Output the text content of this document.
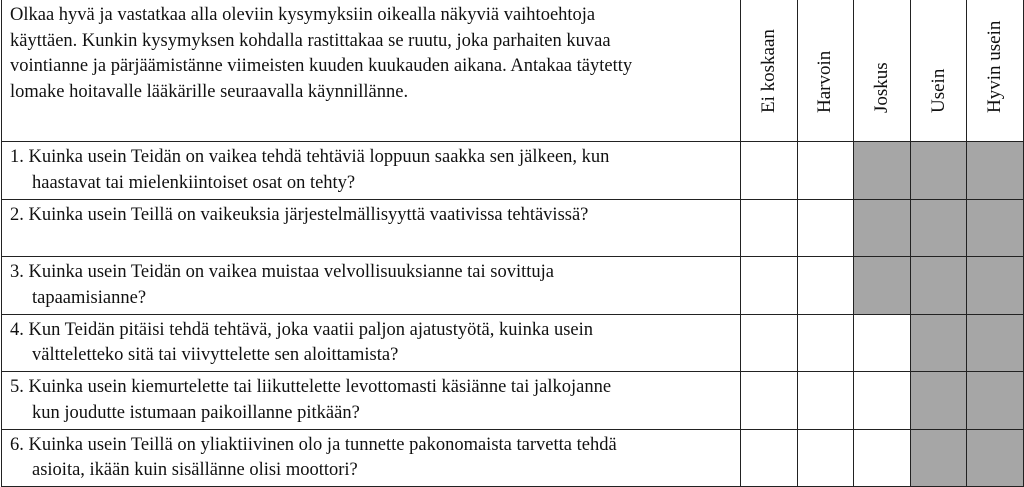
Olkaa hyvä ja vastatkaa alla oleviin kysymyksiin oikealla näkyviä vaihtoehtoja
käyttäen. Kunkin kysymyksen kohdalla rastittakaa se ruutu, joka parhaiten kuvaa
vointianne ja pärjäämistänne viimeisten kuuden kuukauden aikana. Antakaa täytetty
lomake hoitavalle lääkärille seuraavalla käynnillänne.	Ei koskaan	Harvoin	Joskus	Usein	Hyvin usein

1. Kuinka usein Teidän on vaikea tehdä tehtäviä loppuun saakka sen jälkeen, kun
haastavat tai mielenkiintoiset osat on tehty?					

2. Kuinka usein Teillä on vaikeuksia järjestelmällisyyttä vaativissa tehtävissä?					

3. Kuinka usein Teidän on vaikea muistaa velvollisuuksianne tai sovittuja
tapaamisianne?					

4. Kun Teidän pitäisi tehdä tehtävä, joka vaatii paljon ajatustyötä, kuinka usein
vältteletteko sitä tai viivyttelette sen aloittamista?					

5. Kuinka usein kiemurtelette tai liikuttelette levottomasti käsiänne tai jalkojanne
kun joudutte istumaan paikoillanne pitkään?					

6. Kuinka usein Teillä on yliaktiivinen olo ja tunnette pakonomaista tarvetta tehdä
asioita, ikään kuin sisällänne olisi moottori?					
